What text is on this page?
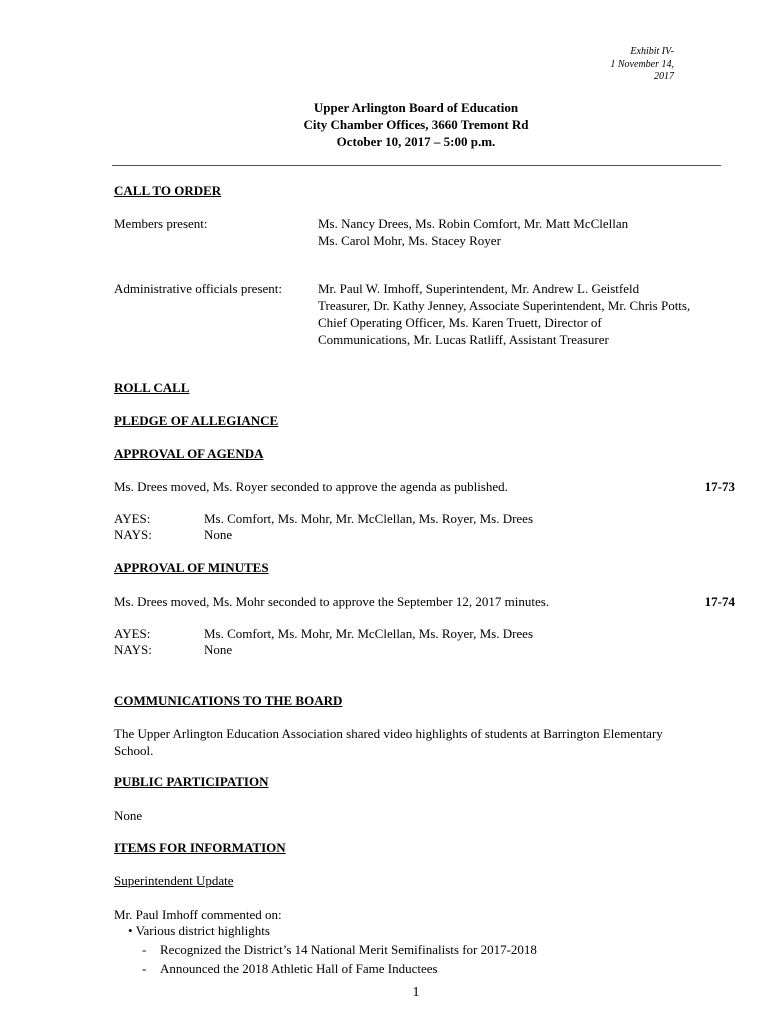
Exhibit IV-
1 November 14,
2017
Upper Arlington Board of Education
City Chamber Offices, 3660 Tremont Rd
October 10, 2017 – 5:00 p.m.
CALL TO ORDER
Members present:	Ms. Nancy Drees, Ms. Robin Comfort, Mr. Matt McClellan
Ms. Carol Mohr, Ms. Stacey Royer
Administrative officials present:	Mr. Paul W. Imhoff, Superintendent, Mr. Andrew L. Geistfeld
Treasurer, Dr. Kathy Jenney, Associate Superintendent, Mr. Chris Potts,
Chief Operating Officer, Ms. Karen Truett, Director of
Communications, Mr. Lucas Ratliff, Assistant Treasurer
ROLL CALL
PLEDGE OF ALLEGIANCE
APPROVAL OF AGENDA
Ms. Drees moved, Ms. Royer seconded to approve the agenda as published.	17-73
AYES:	Ms. Comfort, Ms. Mohr, Mr. McClellan, Ms. Royer, Ms. Drees
NAYS:	None
APPROVAL OF MINUTES
Ms. Drees moved, Ms. Mohr seconded to approve the September 12, 2017 minutes.	17-74
AYES:	Ms. Comfort, Ms. Mohr, Mr. McClellan, Ms. Royer, Ms. Drees
NAYS:	None
COMMUNICATIONS TO THE BOARD
The Upper Arlington Education Association shared video highlights of students at Barrington Elementary
School.
PUBLIC PARTICIPATION
None
ITEMS FOR INFORMATION
Superintendent Update
Mr. Paul Imhoff commented on:
• Various district highlights
- Recognized the District’s 14 National Merit Semifinalists for 2017-2018
- Announced the 2018 Athletic Hall of Fame Inductees
1
